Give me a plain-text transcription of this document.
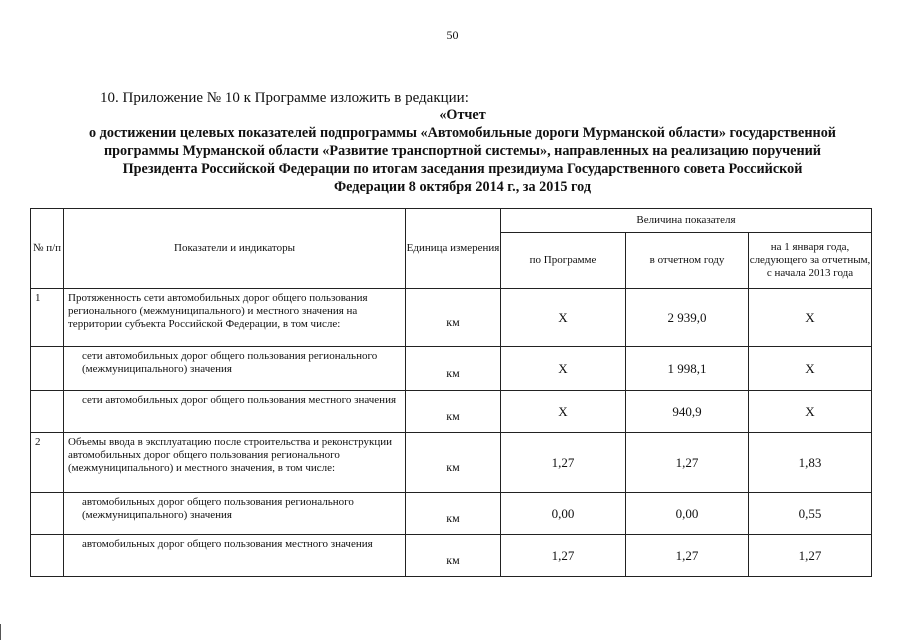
50
10. Приложение № 10 к Программе изложить в редакции:
«Отчет
о достижении целевых показателей подпрограммы «Автомобильные дороги Мурманской области» государственной
программы Мурманской области «Развитие транспортной системы», направленных на реализацию поручений
Президента Российской Федерации по итогам заседания президиума Государственного совета Российской
Федерации 8 октября 2014 г., за 2015 год
№ п/п	Показатели и индикаторы	Единица измерения	Величина показателя		
			по Программе	в отчетном году	на 1 января года, следующего за отчетным, с начала 2013 года
1	Протяженность сети автомобильных дорог общего пользования регионального (межмуниципального) и местного значения на территории субъекта Российской Федерации, в том числе:	км	X	2 939,0	X
	сети автомобильных дорог общего пользования регионального (межмуниципального) значения	км	X	1 998,1	X
	сети автомобильных дорог общего пользования местного значения	км	X	940,9	X
2	Объемы ввода в эксплуатацию после строительства и реконструкции автомобильных дорог общего пользования регионального (межмуниципального) и местного значения, в том числе:	км	1,27	1,27	1,83
	автомобильных дорог общего пользования регионального (межмуниципального) значения	км	0,00	0,00	0,55
	автомобильных дорог общего пользования местного значения	км	1,27	1,27	1,27
